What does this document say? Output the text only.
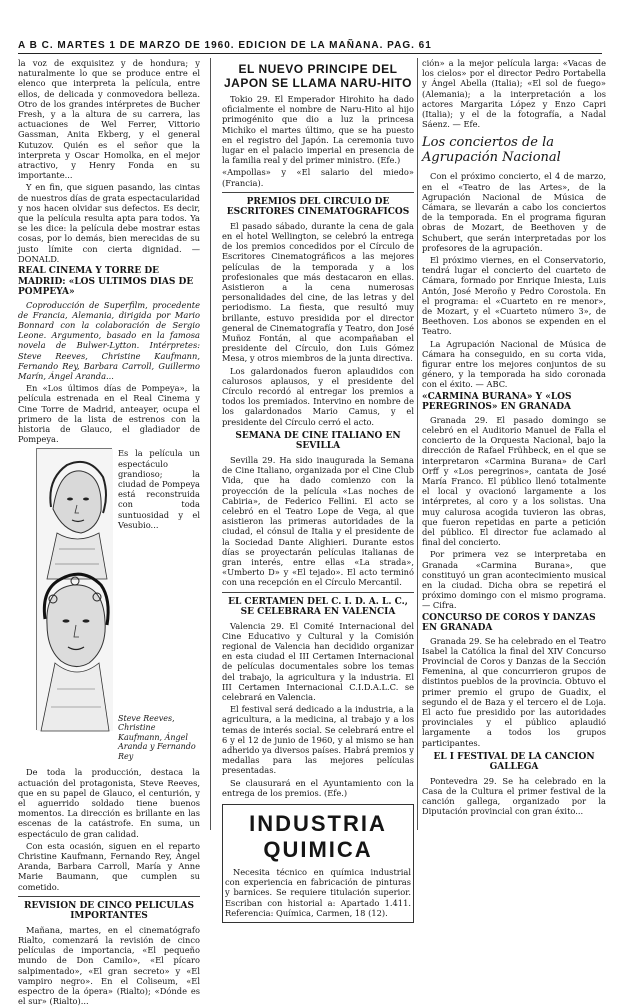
A B C. MARTES 1 DE MARZO DE 1960. EDICION DE LA MAÑANA. PAG. 61
la voz de exquisitez y de hondura; y naturalmente lo que se produce entre el elenco que interpreta la película, entre ellos, de delicada y conmovedora belleza. Otro de los grandes intérpretes de Bucher Fresh, y a la altura de su carrera, las actuaciones de Wel Ferrer, Vittorio Gassman, Anita Ekberg, y el general Kutuzov. Quién es el señor que la interpreta y Oscar Homolka, en el mejor atractivo, y Henry Fonda en su importante...
Y en fin, que siguen pasando, las cintas de nuestros días de grata espectacularidad y nos hacen olvidar sus defectos. Es decir, que la película resulta apta para todos. Ya se les dice: la película debe mostrar estas cosas, por lo demás, bien merecidas de su justo límite con cierta dignidad. — DONALD.
REAL CINEMA Y TORRE DE MADRID: «LOS ULTIMOS DIAS DE POMPEYA»
Coproducción de Superfilm, procedente de Francia, Alemania, dirigida por Mario Bonnard con la colaboración de Sergio Leone. Argumento, basado en la famosa novela de Bulwer-Lytton. Intérpretes: Steve Reeves, Christine Kaufmann, Fernando Rey, Barbara Carroll, Guillermo Marín, Ángel Aranda...
En «Los últimos días de Pompeya», la película estrenada en el Real Cinema y Cine Torre de Madrid, anteayer, ocupa el primero de la lista de estrenos con la historia de Glauco, el gladiador de Pompeya.
Es la película un espectáculo grandioso; la ciudad de Pompeya está reconstruida con toda suntuosidad y el Vesubio...
Steve Reeves, Christine Kaufmann, Ángel Aranda y Fernando Rey
De toda la producción, destaca la actuación del protagonista, Steve Reeves, que en su papel de Glauco, el centurión, y el aguerrido soldado tiene buenos momentos. La dirección es brillante en las escenas de la catástrofe. En suma, un espectáculo de gran calidad.
Con esta ocasión, siguen en el reparto Christine Kaufmann, Fernando Rey, Ángel Aranda, Barbara Carroll, María y Anne Marie Baumann, que cumplen su cometido.
REVISION DE CINCO PELICULAS IMPORTANTES
Mañana, martes, en el cinematógrafo Rialto, comenzará la revisión de cinco películas de importancia, «El pequeño mundo de Don Camilo», «El pícaro salpimentado», «El gran secreto» y «El vampiro negro». En el Coliseum, «El espectro de la ópera» (Rialto); «Dónde es el sur» (Rialto)...
EL NUEVO PRINCIPE DEL JAPON SE LLAMA NARU-HITO
Tokio 29. El Emperador Hirohito ha dado oficialmente el nombre de Naru-Hito al hijo primogénito que dio a luz la princesa Michiko el martes último, que se ha puesto en el registro del Japón. La ceremonia tuvo lugar en el palacio imperial en presencia de la familia real y del primer ministro. (Efe.)
«Ampollas» y «El salario del miedo» (Francia).
PREMIOS DEL CIRCULO DE ESCRITORES CINEMATOGRAFICOS
El pasado sábado, durante la cena de gala en el hotel Wellington, se celebró la entrega de los premios concedidos por el Círculo de Escritores Cinematográficos a las mejores películas de la temporada y a los profesionales que más destacaron en ellas. Asistieron a la cena numerosas personalidades del cine, de las letras y del periodismo. La fiesta, que resultó muy brillante, estuvo presidida por el director general de Cinematografía y Teatro, don José Muñoz Fontán, al que acompañaban el presidente del Círculo, don Luis Gómez Mesa, y otros miembros de la junta directiva.
Los galardonados fueron aplaudidos con calurosos aplausos, y el presidente del Círculo recordó al entregar los premios a todos los premiados. Intervino en nombre de los galardonados Mario Camus, y el presidente del Círculo cerró el acto.
SEMANA DE CINE ITALIANO EN SEVILLA
Sevilla 29. Ha sido inaugurada la Semana de Cine Italiano, organizada por el Cine Club Vida, que ha dado comienzo con la proyección de la película «Las noches de Cabiria», de Federico Fellini. El acto se celebró en el Teatro Lope de Vega, al que asistieron las primeras autoridades de la ciudad, el cónsul de Italia y el presidente de la Sociedad Dante Alighieri. Durante estos días se proyectarán películas italianas de gran interés, entre ellas «La strada», «Umberto D» y «El tejado». El acto terminó con una recepción en el Círculo Mercantil.
EL CERTAMEN DEL C. I. D. A. L. C., SE CELEBRARA EN VALENCIA
Valencia 29. El Comité Internacional del Cine Educativo y Cultural y la Comisión regional de Valencia han decidido organizar en esta ciudad el III Certamen Internacional de películas documentales sobre los temas del trabajo, la agricultura y la industria. El III Certamen Internacional C.I.D.A.L.C. se celebrará en Valencia.
El festival será dedicado a la industria, a la agricultura, a la medicina, al trabajo y a los temas de interés social. Se celebrará entre el 6 y el 12 de junio de 1960, y al mismo se han adherido ya diversos países. Habrá premios y medallas para las mejores películas presentadas.
Se clausurará en el Ayuntamiento con la entrega de los premios. (Efe.)
INDUSTRIA QUIMICA
Necesita técnico en química industrial con experiencia en fabricación de pinturas y barnices. Se requiere titulación superior. Escriban con historial a: Apartado 1.411. Referencia: Química, Carmen, 18 (12).
ción» a la mejor película larga: «Vacas de los cielos» por el director Pedro Portabella y Ángel Abella (Italia); «El sol de fuego» (Alemania); a la interpretación a los actores Margarita López y Enzo Capri (Italia); y el de la fotografía, a Nadal Sáenz. — Efe.
Los conciertos de la Agrupación Nacional
Con el próximo concierto, el 4 de marzo, en el «Teatro de las Artes», de la Agrupación Nacional de Música de Cámara, se llevarán a cabo los conciertos de la temporada. En el programa figuran obras de Mozart, de Beethoven y de Schubert, que serán interpretadas por los profesores de la agrupación.
El próximo viernes, en el Conservatorio, tendrá lugar el concierto del cuarteto de Cámara, formado por Enrique Iniesta, Luis Antón, José Meroño y Pedro Corostola. En el programa: el «Cuarteto en re menor», de Mozart, y el «Cuarteto número 3», de Beethoven. Los abonos se expenden en el Teatro.
La Agrupación Nacional de Música de Cámara ha conseguido, en su corta vida, figurar entre los mejores conjuntos de su género, y la temporada ha sido coronada con el éxito. — ABC.
«CARMINA BURANA» Y «LOS PEREGRINOS» EN GRANADA
Granada 29. El pasado domingo se celebró en el Auditorio Manuel de Falla el concierto de la Orquesta Nacional, bajo la dirección de Rafael Frühbeck, en el que se interpretaron «Carmina Burana» de Carl Orff y «Los peregrinos», cantata de José María Franco. El público llenó totalmente el local y ovacionó largamente a los intérpretes, al coro y a los solistas. Una muy calurosa acogida tuvieron las obras, que fueron repetidas en parte a petición del público. El director fue aclamado al final del concierto.
Por primera vez se interpretaba en Granada «Carmina Burana», que constituyó un gran acontecimiento musical en la ciudad. Dicha obra se repetirá el próximo domingo con el mismo programa. — Cifra.
CONCURSO DE COROS Y DANZAS EN GRANADA
Granada 29. Se ha celebrado en el Teatro Isabel la Católica la final del XIV Concurso Provincial de Coros y Danzas de la Sección Femenina, al que concurrieron grupos de distintos pueblos de la provincia. Obtuvo el primer premio el grupo de Guadix, el segundo el de Baza y el tercero el de Loja. El acto fue presidido por las autoridades provinciales y el público aplaudió largamente a todos los grupos participantes.
EL I FESTIVAL DE LA CANCION GALLEGA
Pontevedra 29. Se ha celebrado en la Casa de la Cultura el primer festival de la canción gallega, organizado por la Diputación provincial con gran éxito...
